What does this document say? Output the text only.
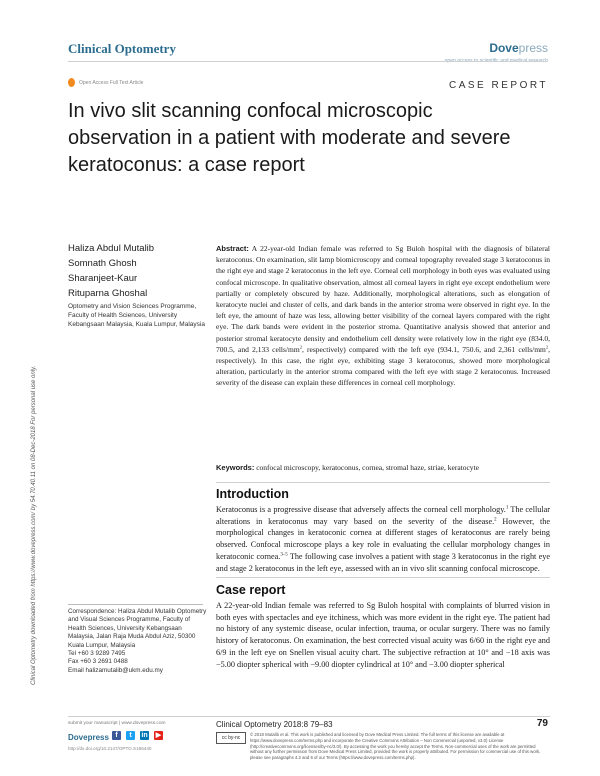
Clinical Optometry	Dovepress
Open Access Full Text Article	CASE REPORT
In vivo slit scanning confocal microscopic observation in a patient with moderate and severe keratoconus: a case report
Clinical Optometry downloaded from https://www.dovepress.com/ by 54.70.40.11 on 08-Dec-2018 For personal use only.
Haliza Abdul Mutalib
Somnath Ghosh
Sharanjeet-Kaur
Rituparna Ghoshal
Optometry and Vision Sciences Programme, Faculty of Health Sciences, University Kebangsaan Malaysia, Kuala Lumpur, Malaysia
Abstract: A 22-year-old Indian female was referred to Sg Buloh hospital with the diagnosis of bilateral keratoconus. On examination, slit lamp biomicroscopy and corneal topography revealed stage 3 keratoconus in the right eye and stage 2 keratoconus in the left eye. Corneal cell morphology in both eyes was evaluated using confocal microscope. In qualitative observation, almost all corneal layers in right eye except endothelium were partially or completely obscured by haze. Additionally, morphological alterations, such as elongation of keratocyte nuclei and cluster of cells, and dark bands in the anterior stroma were observed in right eye. In the left eye, the amount of haze was less, allowing better visibility of the corneal layers compared with the right eye. The dark bands were evident in the posterior stroma. Quantitative analysis showed that anterior and posterior stromal keratocyte density and endothelium cell density were relatively low in the right eye (834.0, 700.5, and 2,133 cells/$mm^2$, respectively) compared with the left eye (934.1, 750.6, and 2,361 cells/$mm^2$, respectively). In this case, the right eye, exhibiting stage 3 keratoconus, showed more morphological alteration, particularly in the anterior stroma compared with the left eye with stage 2 keratoconus. Increased severity of the disease can explain these differences in corneal cell morphology.
Keywords: confocal microscopy, keratoconus, cornea, stromal haze, striae, keratocyte
Introduction
Keratoconus is a progressive disease that adversely affects the corneal cell morphology.$^1$ The cellular alterations in keratoconus may vary based on the severity of the disease.$^2$ However, the morphological changes in keratoconic cornea at different stages of keratoconus are rarely being observed. Confocal microscope plays a key role in evaluating the cellular morphology changes in keratoconic cornea.$^{3-5}$ The following case involves a patient with stage 3 keratoconus in the right eye and stage 2 keratoconus in the left eye, assessed with an in vivo slit scanning confocal microscope.
Case report
A 22-year-old Indian female was referred to Sg Buloh hospital with complaints of blurred vision in both eyes with spectacles and eye itchiness, which was more evident in the right eye. The patient had no history of any systemic disease, ocular infection, trauma, or ocular surgery. There was no family history of keratoconus. On examination, the best corrected visual acuity was 6/60 in the right eye and 6/9 in the left eye on Snellen visual acuity chart. The subjective refraction at 10° and −18 axis was −5.00 diopter spherical with −9.00 diopter cylindrical at 10° and −3.00 diopter spherical
Correspondence: Haliza Abdul Mutalib Optometry and Visual Sciences Programme, Faculty of Health Sciences, University Kebangsaan Malaysia, Jalan Raja Muda Abdul Aziz, 50300 Kuala Lumpur, Malaysia
Tel +60 3 9289 7495
Fax +60 3 2691 0488
Email halizamutalib@ukm.edu.my
submit your manuscript | www.dovepress.com
Dovepress f	t	in ▶
http://dx.doi.org/10.2147/OPTO.S186440
Clinical Optometry 2018:8 79–83	79
cc by-nc
© 2018 Mutalib et al. This work is published and licensed by Dove Medical Press Limited. The full terms of this license are available at https://www.dovepress.com/terms.php and incorporate the Creative Commons Attribution – Non Commercial (unported, v3.0) License (http://creativecommons.org/licenses/by-nc/3.0/). By accessing the work you hereby accept the Terms. Non-commercial uses of the work are permitted without any further permission from Dove Medical Press Limited, provided the work is properly attributed. For permission for commercial use of this work, please see paragraphs 4.2 and 5 of our Terms (https://www.dovepress.com/terms.php).
